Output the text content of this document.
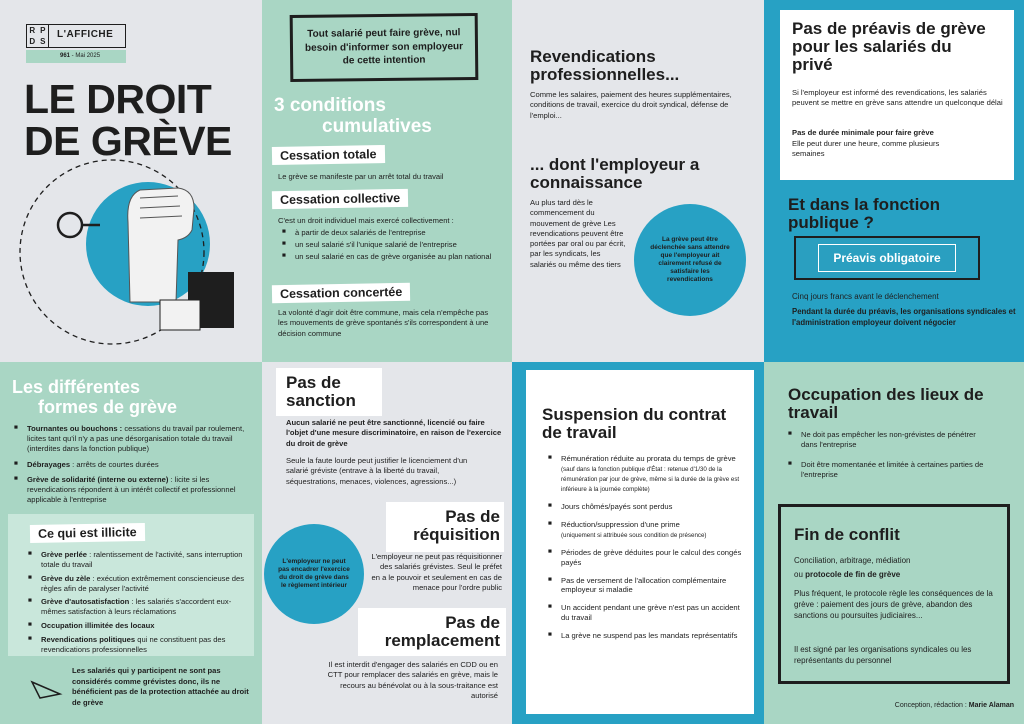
R P
D S
L'AFFICHE
961 - Mai 2025
LE DROIT
DE GRÈVE
Tout salarié peut faire grève, nul besoin d'informer son employeur de cette intention
3 conditions
cumulatives
Cessation totale
Le grève se manifeste par un arrêt total du travail
Cessation collective
C'est un droit individuel mais exercé collectivement :
■ à partir de deux salariés de l'entreprise
■ un seul salarié s'il l'unique salarié de l'entreprise
■ un seul salarié en cas de grève organisée au plan national
Cessation concertée
La volonté d'agir doit être commune, mais cela n'empêche pas les mouvements de grève spontanés s'ils correspondent à une décision commune
Revendications professionnelles...
Comme les salaires, paiement des heures supplémentaires, conditions de travail, exercice du droit syndical, défense de l'emploi...
... dont l'employeur a connaissance
Au plus tard dès le commencement du mouvement de grève Les revendications peuvent être portées par oral ou par écrit, par les syndicats, les salariés ou même des tiers
La grève peut être déclenchée sans attendre que l'employeur ait clairement refusé de satisfaire les revendications
Pas de préavis de grève pour les salariés du privé
Si l'employeur est informé des revendications, les salariés peuvent se mettre en grève sans attendre un quelconque délai
Pas de durée minimale pour faire grève
Elle peut durer une heure, comme plusieurs semaines
Et dans la fonction publique ?
Préavis obligatoire
Cinq jours francs avant le déclenchement
Pendant la durée du préavis, les organisations syndicales et l'administration employeur doivent négocier
Les différentes
formes de grève
■ Tournantes ou bouchons : cessations du travail par roulement, licites tant qu'il n'y a pas une désorganisation totale du travail (interdites dans la fonction publique)
■ Débrayages : arrêts de courtes durées
■ Grève de solidarité (interne ou externe) : licite si les revendications répondent à un intérêt collectif et professionnel applicable à l'entreprise
Ce qui est illicite
■ Grève perlée : ralentissement de l'activité, sans interruption totale du travail
■ Grève du zèle : exécution extrêmement consciencieuse des règles afin de paralyser l'activité
■ Grève d'autosatisfaction : les salariés s'accordent eux-mêmes satisfaction à leurs réclamations
■ Occupation illimitée des locaux
■ Revendications politiques qui ne constituent pas des revendications professionnelles
Les salariés qui y participent ne sont pas considérés comme grévistes donc, ils ne bénéficient pas de la protection attachée au droit de grève
Pas de sanction
Aucun salarié ne peut être sanctionné, licencié ou faire l'objet d'une mesure discriminatoire, en raison de l'exercice du droit de grève
Seule la faute lourde peut justifier le licenciement d'un salarié gréviste (entrave à la liberté du travail, séquestrations, menaces, violences, agressions...)
L'employeur ne peut pas encadrer l'exercice du droit de grève dans le règlement intérieur
Pas de réquisition
L'employeur ne peut pas réquisitionner des salariés grévistes. Seul le préfet en a le pouvoir et seulement en cas de menace pour l'ordre public
Pas de remplacement
Il est interdit d'engager des salariés en CDD ou en CTT pour remplacer des salariés en grève, mais le recours au bénévolat ou à la sous-traitance est autorisé
Suspension du contrat de travail
■ Rémunération réduite au prorata du temps de grève
(sauf dans la fonction publique d'État : retenue d'1/30 de la rémunération par jour de grève, même si la durée de la grève est inférieure à la journée complète)
■ Jours chômés/payés sont perdus
■ Réduction/suppression d'une prime
(uniquement si attribuée sous condition de présence)
■ Périodes de grève déduites pour le calcul des congés payés
■ Pas de versement de l'allocation complémentaire employeur si maladie
■ Un accident pendant une grève n'est pas un accident du travail
■ La grève ne suspend pas les mandats représentatifs
Occupation des lieux de travail
■ Ne doit pas empêcher les non-grévistes de pénétrer dans l'entreprise
■ Doit être momentanée et limitée à certaines parties de l'entreprise
Fin de conflit
Conciliation, arbitrage, médiation
ou protocole de fin de grève
Plus fréquent, le protocole règle les conséquences de la grève : paiement des jours de grève, abandon des sanctions ou poursuites judiciaires...
Il est signé par les organisations syndicales ou les représentants du personnel
Conception, rédaction : Marie Alaman
